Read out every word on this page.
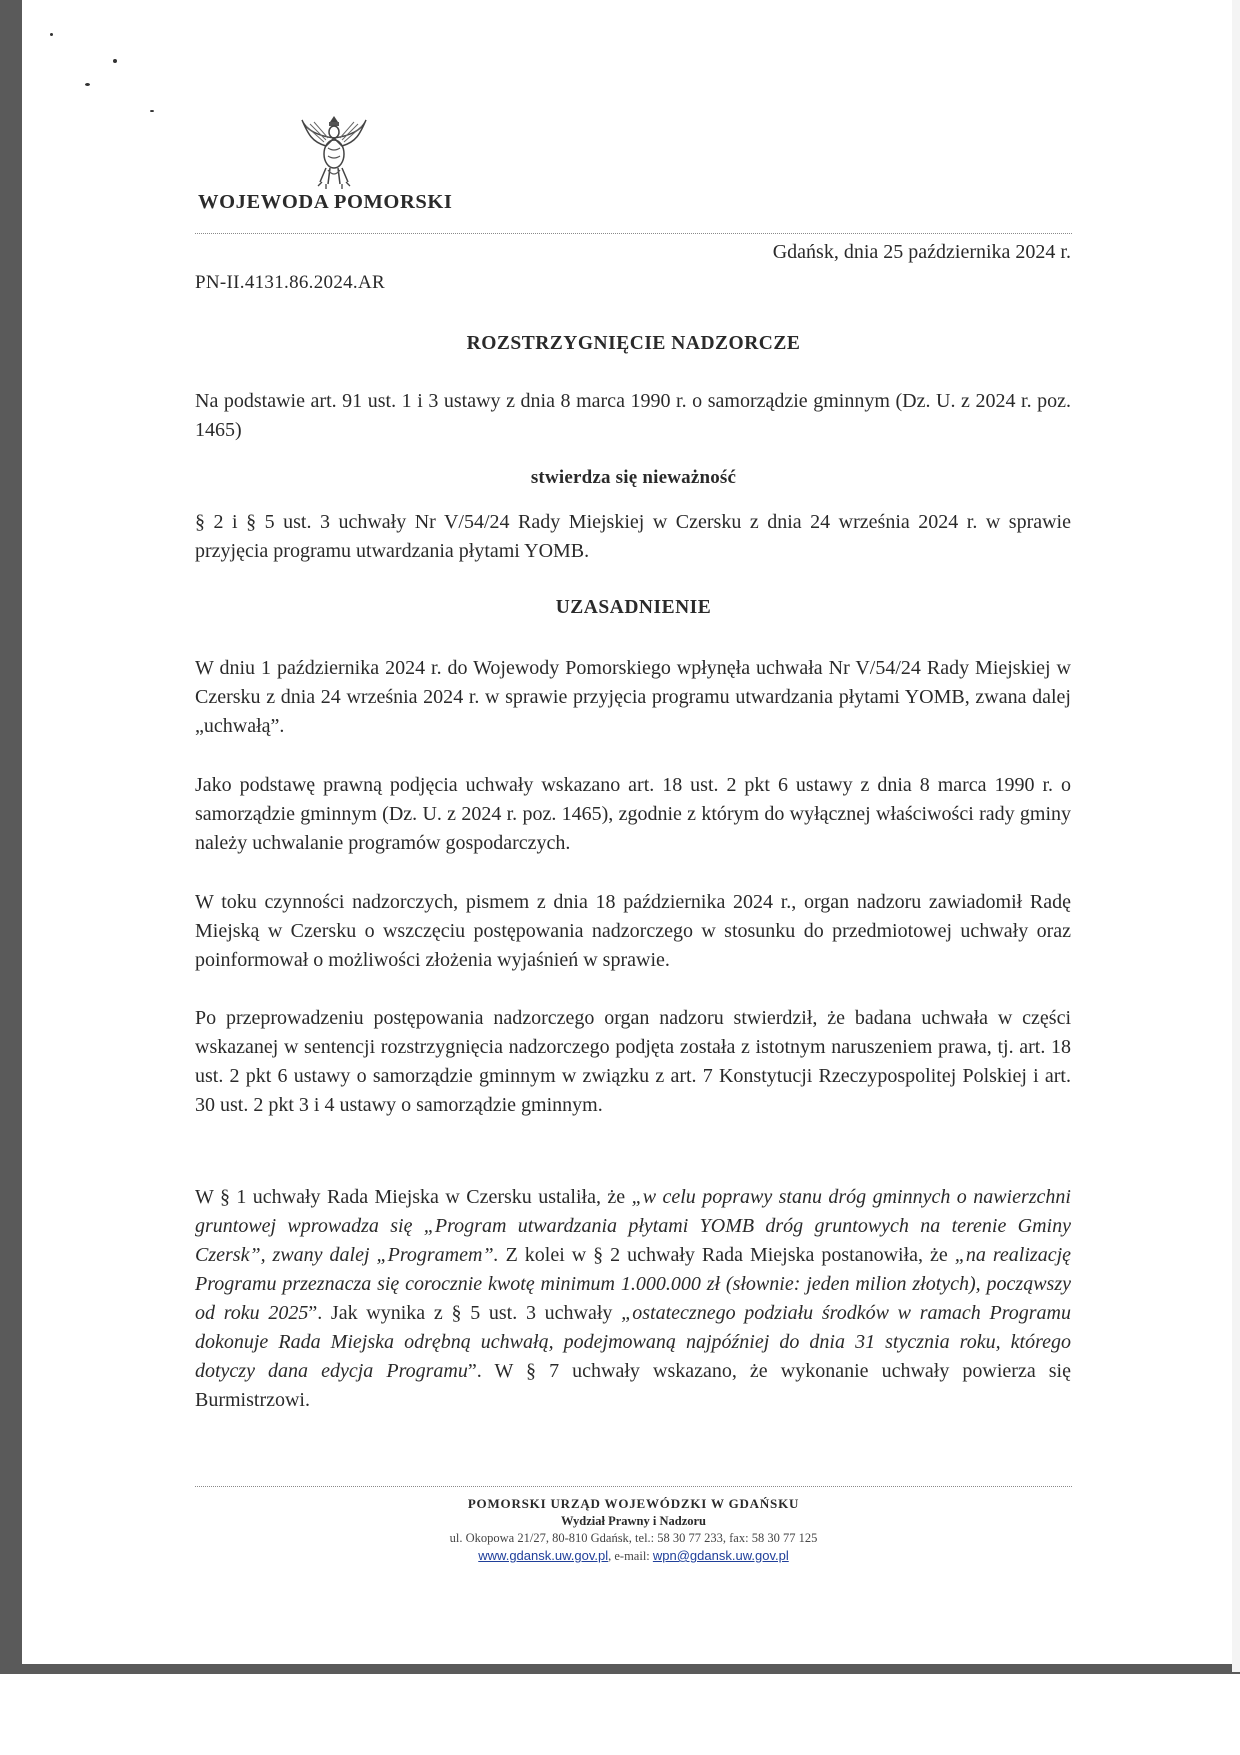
WOJEWODA POMORSKI
Gdańsk, dnia 25 października 2024 r.
PN-II.4131.86.2024.AR
ROZSTRZYGNIĘCIE NADZORCZE
Na podstawie art. 91 ust. 1 i 3 ustawy z dnia 8 marca 1990 r. o samorządzie gminnym (Dz. U. z 2024 r. poz. 1465)
stwierdza się nieważność
§ 2 i § 5 ust. 3 uchwały Nr V/54/24 Rady Miejskiej w Czersku z dnia 24 września 2024 r. w sprawie przyjęcia programu utwardzania płytami YOMB.
UZASADNIENIE
W dniu 1 października 2024 r. do Wojewody Pomorskiego wpłynęła uchwała Nr V/54/24 Rady Miejskiej w Czersku z dnia 24 września 2024 r. w sprawie przyjęcia programu utwardzania płytami YOMB, zwana dalej „uchwałą”.
Jako podstawę prawną podjęcia uchwały wskazano art. 18 ust. 2 pkt 6 ustawy z dnia 8 marca 1990 r. o samorządzie gminnym (Dz. U. z 2024 r. poz. 1465), zgodnie z którym do wyłącznej właściwości rady gminy należy uchwalanie programów gospodarczych.
W toku czynności nadzorczych, pismem z dnia 18 października 2024 r., organ nadzoru zawiadomił Radę Miejską w Czersku o wszczęciu postępowania nadzorczego w stosunku do przedmiotowej uchwały oraz poinformował o możliwości złożenia wyjaśnień w sprawie.
Po przeprowadzeniu postępowania nadzorczego organ nadzoru stwierdził, że badana uchwała w części wskazanej w sentencji rozstrzygnięcia nadzorczego podjęta została z istotnym naruszeniem prawa, tj. art. 18 ust. 2 pkt 6 ustawy o samorządzie gminnym w związku z art. 7 Konstytucji Rzeczypospolitej Polskiej i art. 30 ust. 2 pkt 3 i 4 ustawy o samorządzie gminnym.
W § 1 uchwały Rada Miejska w Czersku ustaliła, że „w celu poprawy stanu dróg gminnych o nawierzchni gruntowej wprowadza się „Program utwardzania płytami YOMB dróg gruntowych na terenie Gminy Czersk”, zwany dalej „Programem”. Z kolei w § 2 uchwały Rada Miejska postanowiła, że „na realizację Programu przeznacza się corocznie kwotę minimum 1.000.000 zł (słownie: jeden milion złotych), począwszy od roku 2025”. Jak wynika z § 5 ust. 3 uchwały „ostatecznego podziału środków w ramach Programu dokonuje Rada Miejska odrębną uchwałą, podejmowaną najpóźniej do dnia 31 stycznia roku, którego dotyczy dana edycja Programu”. W § 7 uchwały wskazano, że wykonanie uchwały powierza się Burmistrzowi.
POMORSKI URZĄD WOJEWÓDZKI W GDAŃSKU
Wydział Prawny i Nadzoru
ul. Okopowa 21/27, 80-810 Gdańsk, tel.: 58 30 77 233, fax: 58 30 77 125
www.gdansk.uw.gov.pl, e-mail: wpn@gdansk.uw.gov.pl
